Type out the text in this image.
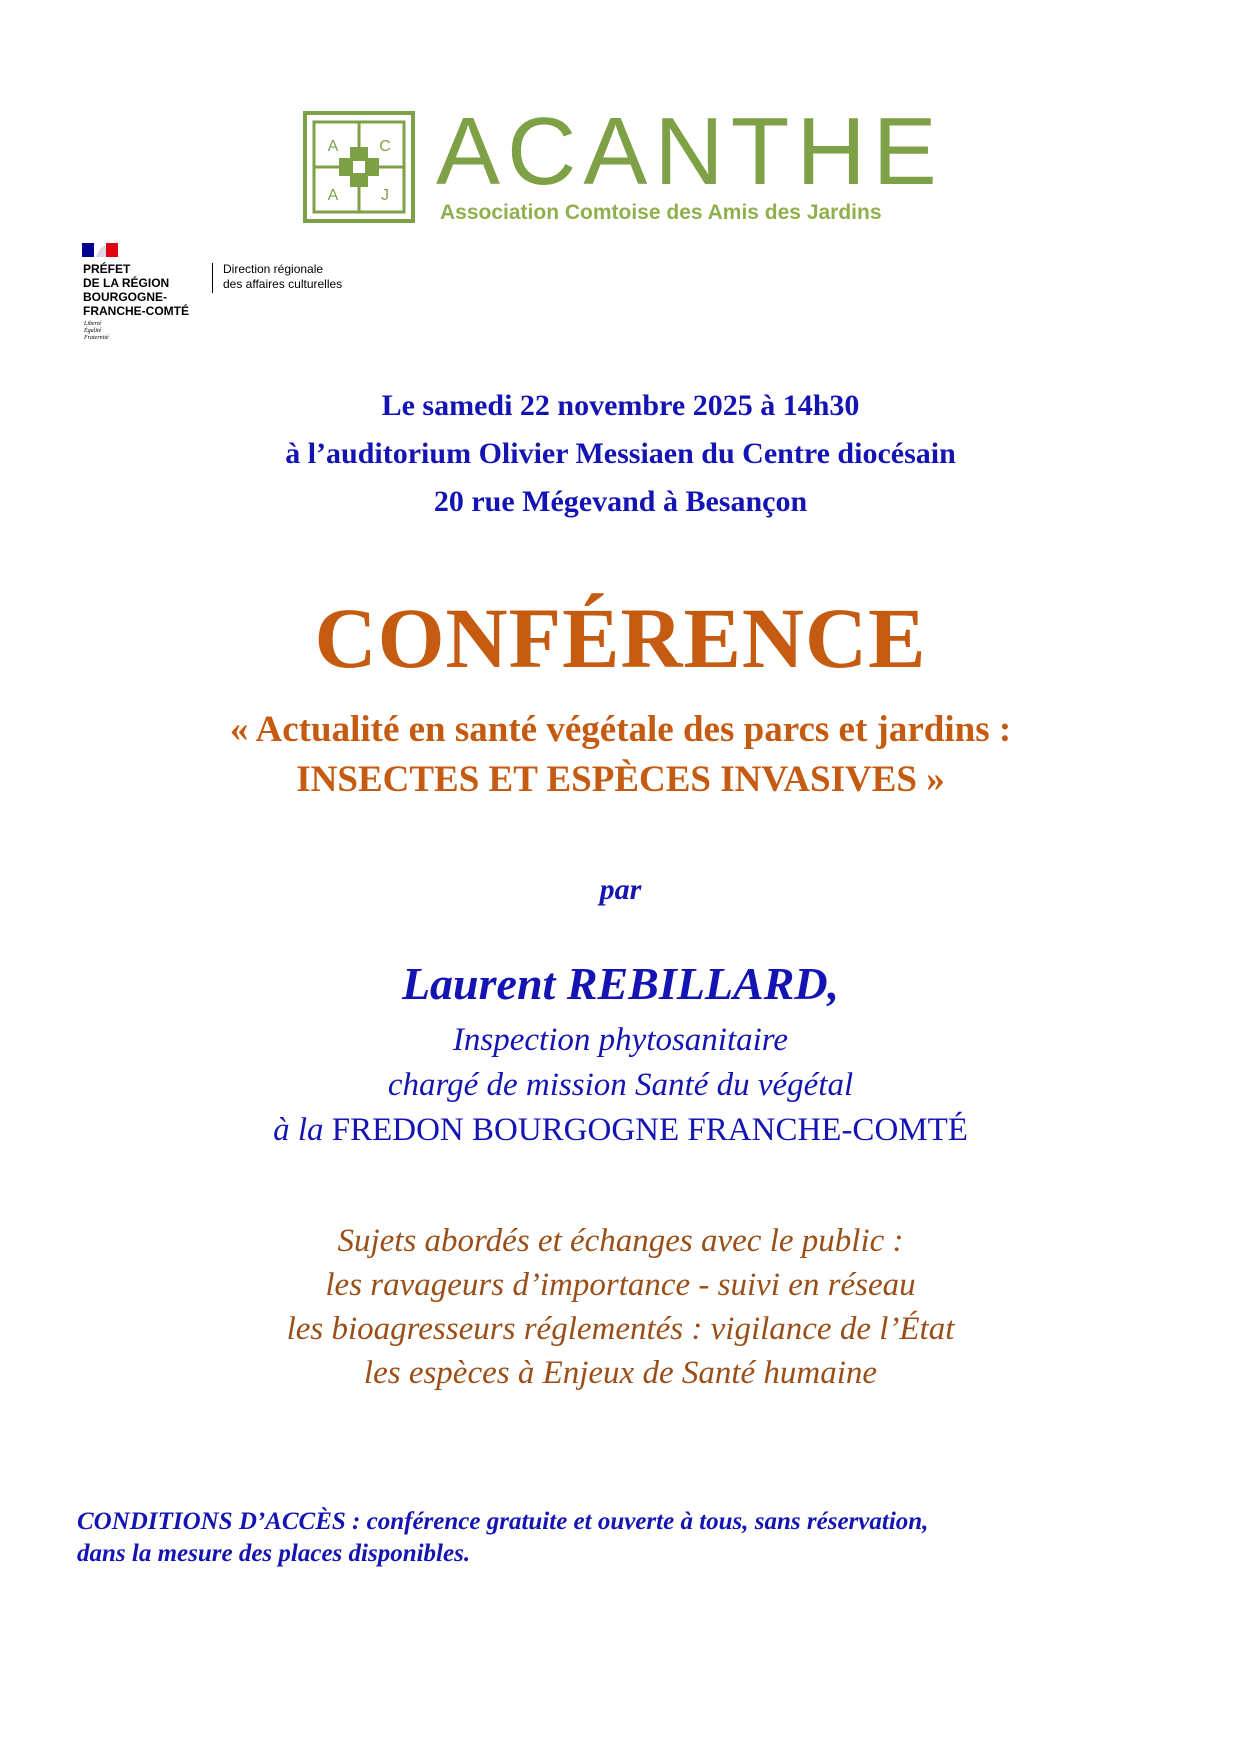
A	C
A	J ACANTHE
Association Comtoise des Amis des Jardins
PRÉFET
DE LA RÉGION
BOURGOGNE-
FRANCHE-COMTÉ
Liberté
Égalité
Fraternité
Direction régionale
des affaires culturelles
Le samedi 22 novembre 2025 à 14h30
à l’auditorium Olivier Messiaen du Centre diocésain
20 rue Mégevand à Besançon
CONFÉRENCE
« Actualité en santé végétale des parcs et jardins :
INSECTES ET ESPÈCES INVASIVES »
par
Laurent REBILLARD,
Inspection phytosanitaire
chargé de mission Santé du végétal
à la FREDON BOURGOGNE FRANCHE-COMTÉ
Sujets abordés et échanges avec le public :
les ravageurs d’importance - suivi en réseau
les bioagresseurs réglementés : vigilance de l’État
les espèces à Enjeux de Santé humaine
CONDITIONS D’ACCÈS : conférence gratuite et ouverte à tous, sans réservation,
dans la mesure des places disponibles.
